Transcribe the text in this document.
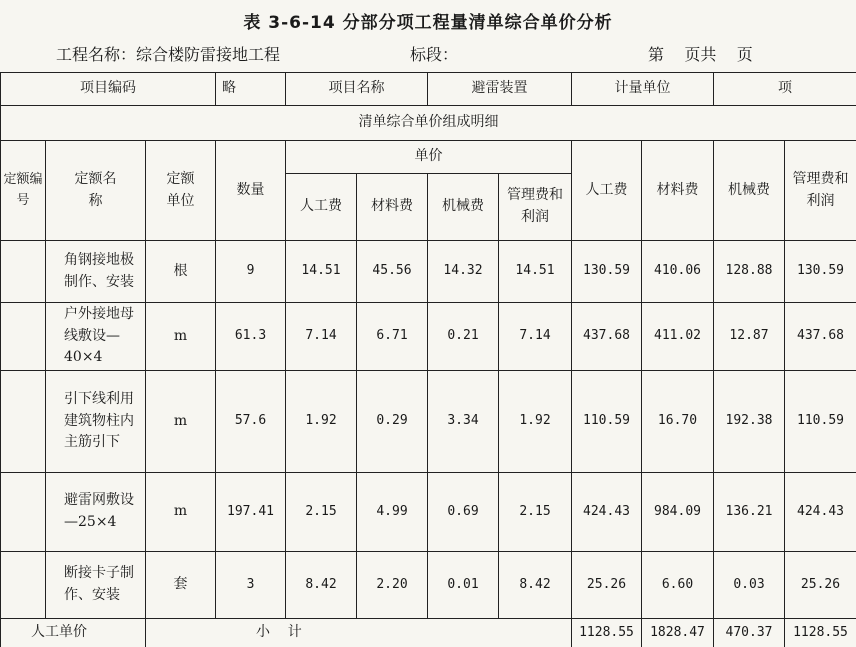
表 3-6-14 分部分项工程量清单综合单价分析
工程名称：综合楼防雷接地工程	标段：	第    页共    页
项目编码			略	项目名称		避雷装置		计量单位		项	
清单综合单价组成明细											
定额编号	定额名称	定额单位	数量	单价				人工费	材料费	机械费	管理费和利润
				人工费	材料费	机械费	管理费和利润				
	角钢接地极制作、安装	根	9	14.51	45.56	14.32	14.51	130.59	410.06	128.88	130.59
	户外接地母线敷设—40×4	m	61.3	7.14	6.71	0.21	7.14	437.68	411.02	12.87	437.68
	引下线利用建筑物柱内主筋引下	m	57.6	1.92	0.29	3.34	1.92	110.59	16.70	192.38	110.59
	避雷网敷设—25×4	m	197.41	2.15	4.99	0.69	2.15	424.43	984.09	136.21	424.43
	断接卡子制作、安装	套	3	8.42	2.20	0.01	8.42	25.26	6.60	0.03	25.26
人工单价		小    计						1128.55	1828.47	470.37	1128.55
